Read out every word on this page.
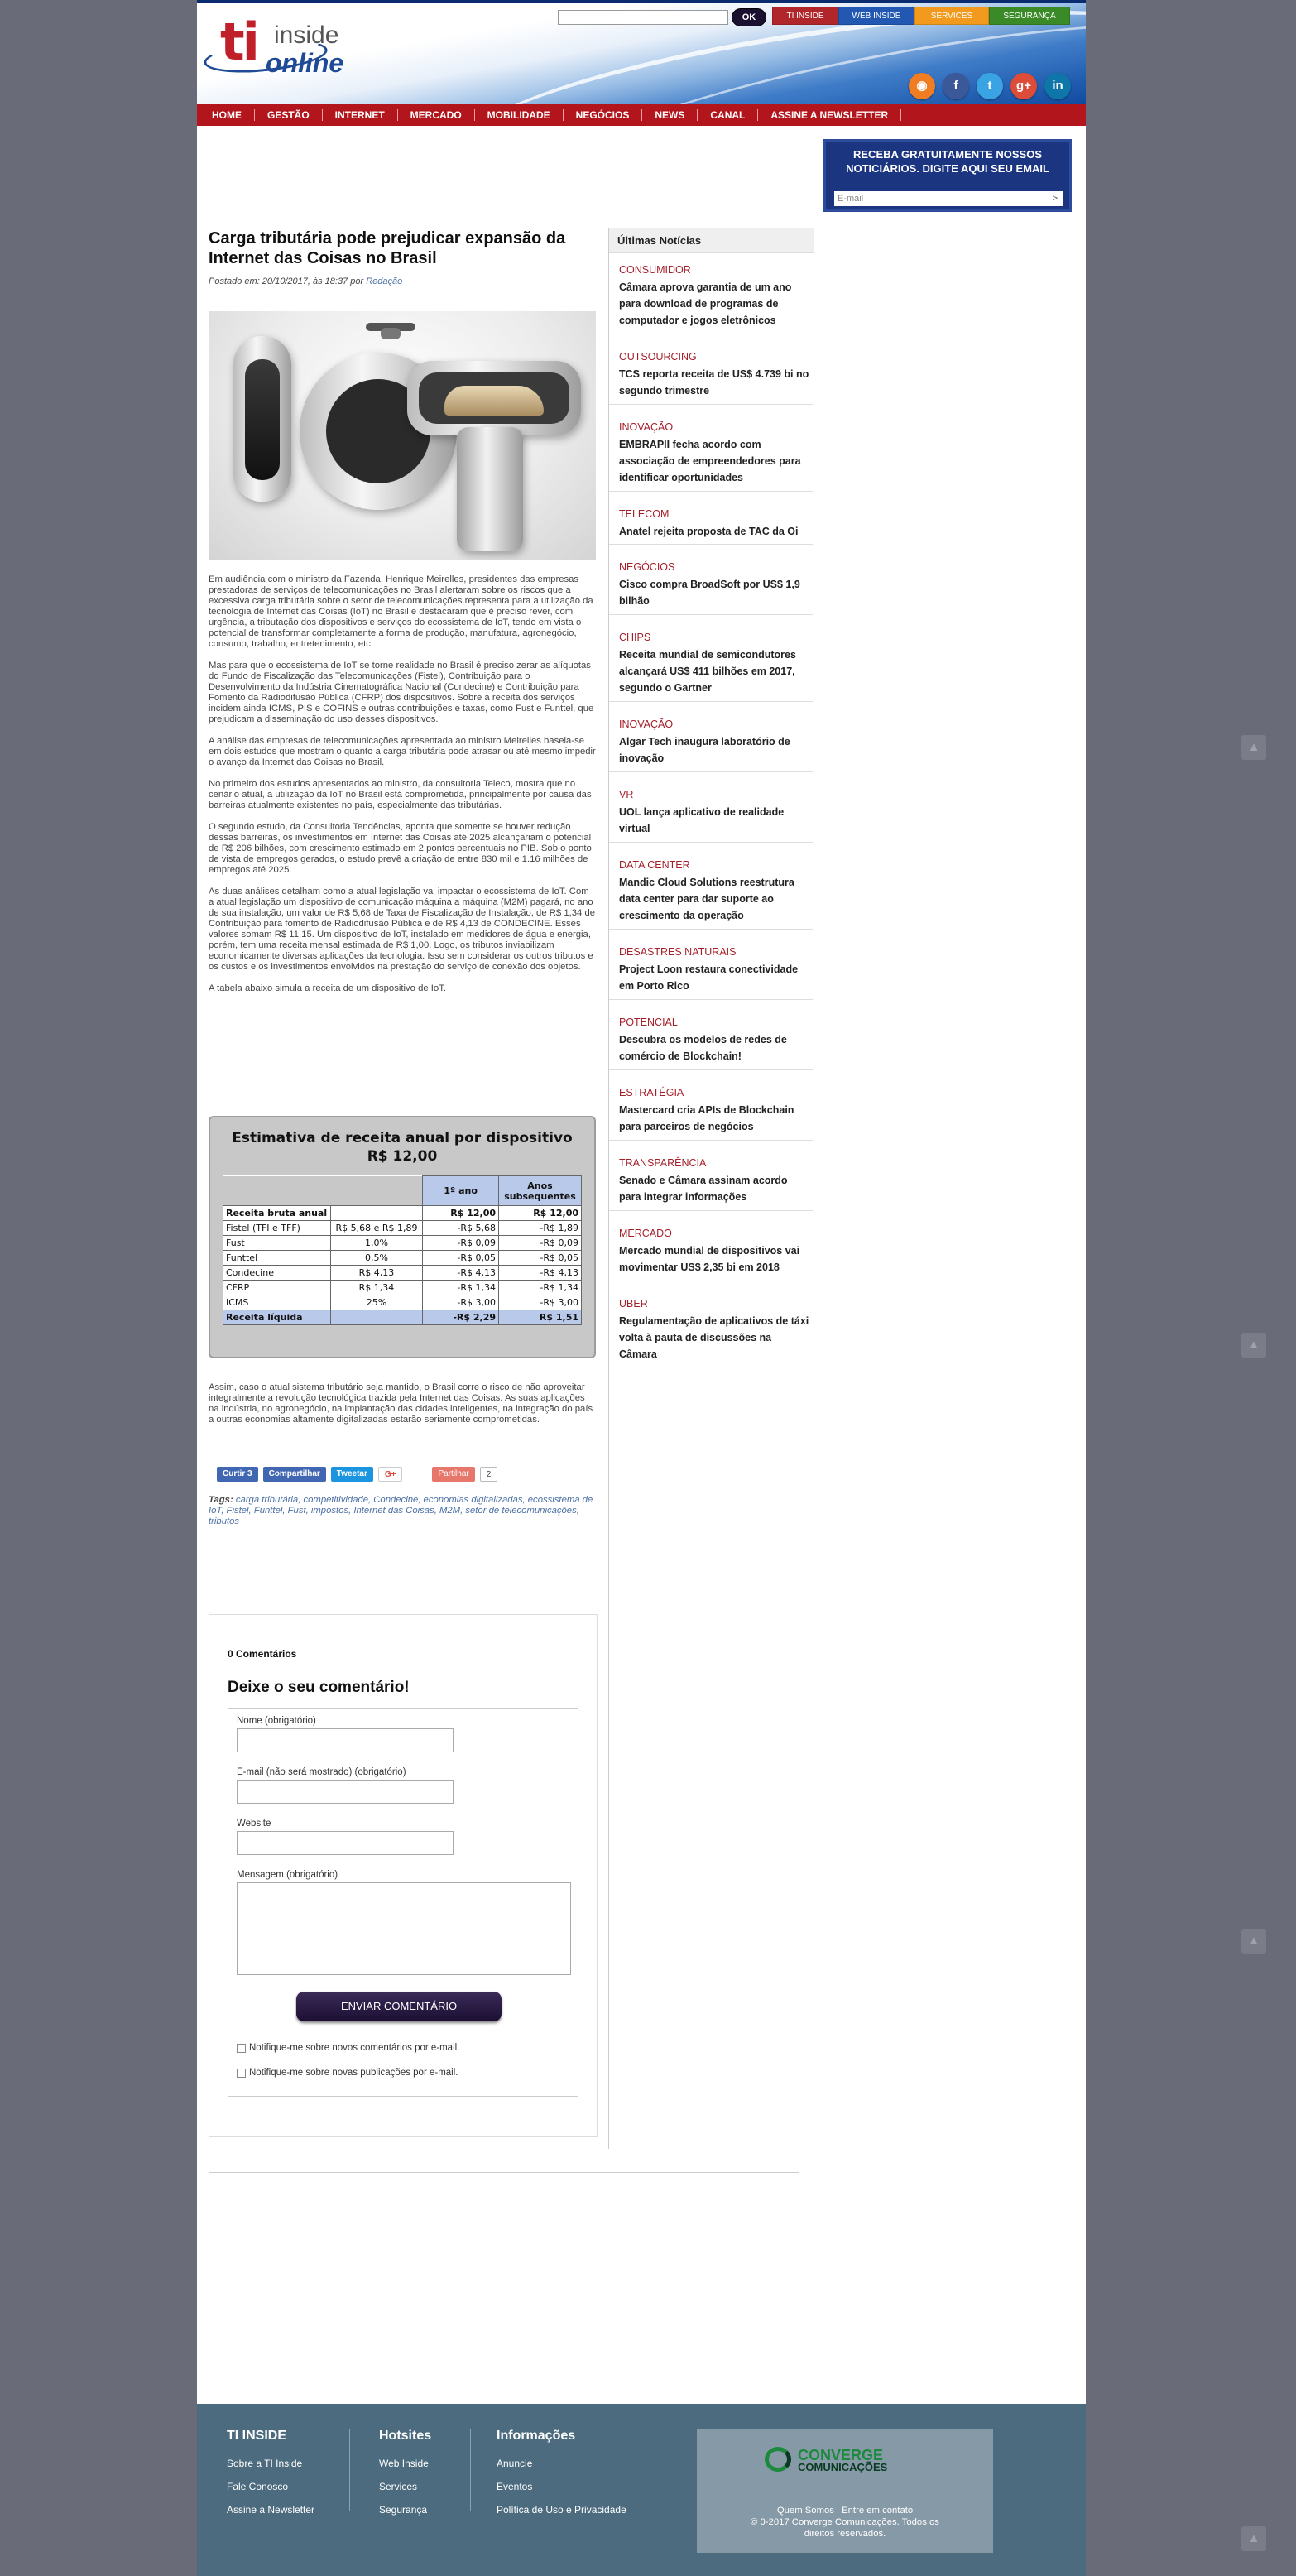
ti inside
online
OK	TI INSIDE	WEB INSIDE	SERVICES	SEGURANÇA
◉	f	t	g+	in
HOME	GESTÃO	INTERNET	MERCADO	MOBILIDADE	NEGÓCIOS	NEWS	CANAL	ASSINE A NEWSLETTER
RECEBA GRATUITAMENTE NOSSOS NOTICIÁRIOS. DIGITE AQUI SEU EMAIL
E-mail	>
Carga tributária pode prejudicar expansão da Internet das Coisas no Brasil
Postado em: 20/10/2017, às 18:37 por Redação

Em audiência com o ministro da Fazenda, Henrique Meirelles, presidentes das empresas prestadoras de serviços de telecomunicações no Brasil alertaram sobre os riscos que a excessiva carga tributária sobre o setor de telecomunicações representa para a utilização da tecnologia de Internet das Coisas (IoT) no Brasil e destacaram que é preciso rever, com urgência, a tributação dos dispositivos e serviços do ecossistema de IoT, tendo em vista o potencial de transformar completamente a forma de produção, manufatura, agronegócio, consumo, trabalho, entretenimento, etc.

Mas para que o ecossistema de IoT se torne realidade no Brasil é preciso zerar as alíquotas do Fundo de Fiscalização das Telecomunicações (Fistel), Contribuição para o Desenvolvimento da Indústria Cinematográfica Nacional (Condecine) e Contribuição para Fomento da Radiodifusão Pública (CFRP) dos dispositivos. Sobre a receita dos serviços incidem ainda ICMS, PIS e COFINS e outras contribuições e taxas, como Fust e Funttel, que prejudicam a disseminação do uso desses dispositivos.

A análise das empresas de telecomunicações apresentada ao ministro Meirelles baseia-se em dois estudos que mostram o quanto a carga tributária pode atrasar ou até mesmo impedir o avanço da Internet das Coisas no Brasil.

No primeiro dos estudos apresentados ao ministro, da consultoria Teleco, mostra que no cenário atual, a utilização da IoT no Brasil está comprometida, principalmente por causa das barreiras atualmente existentes no país, especialmente das tributárias.

O segundo estudo, da Consultoria Tendências, aponta que somente se houver redução dessas barreiras, os investimentos em Internet das Coisas até 2025 alcançariam o potencial de R$ 206 bilhões, com crescimento estimado em 2 pontos percentuais no PIB. Sob o ponto de vista de empregos gerados, o estudo prevê a criação de entre 830 mil e 1.16 milhões de empregos até 2025.

As duas análises detalham como a atual legislação vai impactar o ecossistema de IoT. Com a atual legislação um dispositivo de comunicação máquina a máquina (M2M) pagará, no ano de sua instalação, um valor de R$ 5,68 de Taxa de Fiscalização de Instalação, de R$ 1,34 de Contribuição para fomento de Radiodifusão Pública e de R$ 4,13 de CONDECINE. Esses valores somam R$ 11,15. Um dispositivo de IoT, instalado em medidores de água e energia, porém, tem uma receita mensal estimada de R$ 1,00. Logo, os tributos inviabilizam economicamente diversas aplicações da tecnologia. Isso sem considerar os outros tributos e os custos e os investimentos envolvidos na prestação do serviço de conexão dos objetos.

A tabela abaixo simula a receita de um dispositivo de IoT.

Estimativa de receita anual por dispositivo
R$ 12,00
		1º ano	Anos subsequentes
Receita bruta anual		R$ 12,00	R$ 12,00
Fistel (TFI e TFF)	R$ 5,68 e R$ 1,89	-R$ 5,68	-R$ 1,89
Fust	1,0%	-R$ 0,09	-R$ 0,09
Funttel	0,5%	-R$ 0,05	-R$ 0,05
Condecine	R$ 4,13	-R$ 4,13	-R$ 4,13
CFRP	R$ 1,34	-R$ 1,34	-R$ 1,34
ICMS	25%	-R$ 3,00	-R$ 3,00
Receita líquida		-R$ 2,29	R$ 1,51
Assim, caso o atual sistema tributário seja mantido, o Brasil corre o risco de não aproveitar integralmente a revolução tecnológica trazida pela Internet das Coisas. As suas aplicações na indústria, no agronegócio, na implantação das cidades inteligentes, na integração do país a outras economias altamente digitalizadas estarão seriamente comprometidas.
Curtir 3	Compartilhar	Tweetar	G+	Partilhar	2
Tags: carga tributária, competitividade, Condecine, economias digitalizadas, ecossistema de IoT, Fistel, Funttel, Fust, impostos, Internet das Coisas, M2M, setor de telecomunicações, tributos
0 Comentários
Deixe o seu comentário!
Nome (obrigatório)
E-mail (não será mostrado) (obrigatório)
Website
Mensagem (obrigatório)
ENVIAR COMENTÁRIO
Notifique-me sobre novos comentários por e-mail.
Notifique-me sobre novas publicações por e-mail.
Últimas Notícias
CONSUMIDOR
Câmara aprova garantia de um ano para download de programas de computador e jogos eletrônicos
OUTSOURCING
TCS reporta receita de US$ 4.739 bi no segundo trimestre
INOVAÇÃO
EMBRAPII fecha acordo com associação de empreendedores para identificar oportunidades
TELECOM
Anatel rejeita proposta de TAC da Oi
NEGÓCIOS
Cisco compra BroadSoft por US$ 1,9 bilhão
CHIPS
Receita mundial de semicondutores alcançará US$ 411 bilhões em 2017, segundo o Gartner
INOVAÇÃO
Algar Tech inaugura laboratório de inovação
VR
UOL lança aplicativo de realidade virtual
DATA CENTER
Mandic Cloud Solutions reestrutura data center para dar suporte ao crescimento da operação
DESASTRES NATURAIS
Project Loon restaura conectividade em Porto Rico
POTENCIAL
Descubra os modelos de redes de comércio de Blockchain!
ESTRATÉGIA
Mastercard cria APIs de Blockchain para parceiros de negócios
TRANSPARÊNCIA
Senado e Câmara assinam acordo para integrar informações
MERCADO
Mercado mundial de dispositivos vai movimentar US$ 2,35 bi em 2018
UBER
Regulamentação de aplicativos de táxi volta à pauta de discussões na Câmara
TI INSIDE
Sobre a TI Inside
Fale Conosco
Assine a Newsletter
Hotsites
Web Inside
Services
Segurança
Informações
Anuncie
Eventos
Política de Uso e Privacidade
CONVERGE
COMUNICAÇÕES
Quem Somos | Entre em contato
© 0-2017 Converge Comunicações. Todos os direitos reservados.
▲
▲
▲
▲
